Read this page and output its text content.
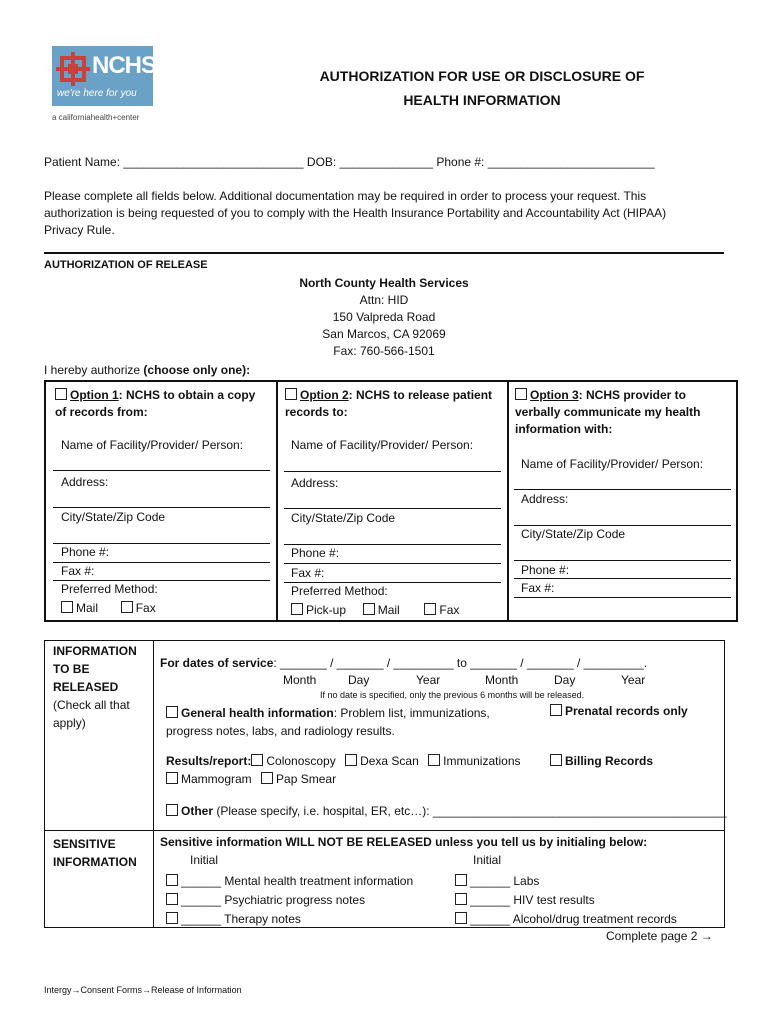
NCHS
we're here for you
a californiahealth+center
AUTHORIZATION FOR USE OR DISCLOSURE OF
HEALTH INFORMATION
Patient Name: ___________________________ DOB: ______________ Phone #: _________________________
Please complete all fields below. Additional documentation may be required in order to process your request. This
authorization is being requested of you to comply with the Health Insurance Portability and Accountability Act (HIPAA)
Privacy Rule.
AUTHORIZATION OF RELEASE
North County Health Services
Attn: HID
150 Valpreda Road
San Marcos, CA 92069
Fax: 760-566-1501
I hereby authorize (choose only one):
Option 1: NCHS to obtain a copy
of records from:
Name of Facility/Provider/ Person:
Address:
City/State/Zip Code
Phone #:
Fax #:
Preferred Method:
Mail	Fax
Option 2: NCHS to release patient
records to:
Name of Facility/Provider/ Person:
Address:
City/State/Zip Code
Phone #:
Fax #:
Preferred Method:
Pick-up	Mail	Fax
Option 3: NCHS provider to
verbally communicate my health
information with:
Name of Facility/Provider/ Person:
Address:
City/State/Zip Code
Phone #:
Fax #:
INFORMATION
TO BE
RELEASED
(Check all that
apply)
For dates of service: _______ / _______ / _________ to _______ / _______ / _________.
Month	Day	Year	Month	Day	Year
If no date is specified, only the previous 6 months will be released.
General health information: Problem list, immunizations,
progress notes, labs, and radiology results.
Prenatal records only
Results/report: Colonoscopy Dexa Scan Immunizations	Billing Records
Mammogram Pap Smear
Other (Please specify, i.e. hospital, ER, etc…): ____________________________________________
SENSITIVE
INFORMATION
Sensitive information WILL NOT BE RELEASED unless you tell us by initialing below:
Initial	Initial
______ Mental health treatment information
______ Psychiatric progress notes
______ Therapy notes
______ Labs
______ HIV test results
______ Alcohol/drug treatment records
Complete page 2 →
Intergy→Consent Forms→Release of Information
